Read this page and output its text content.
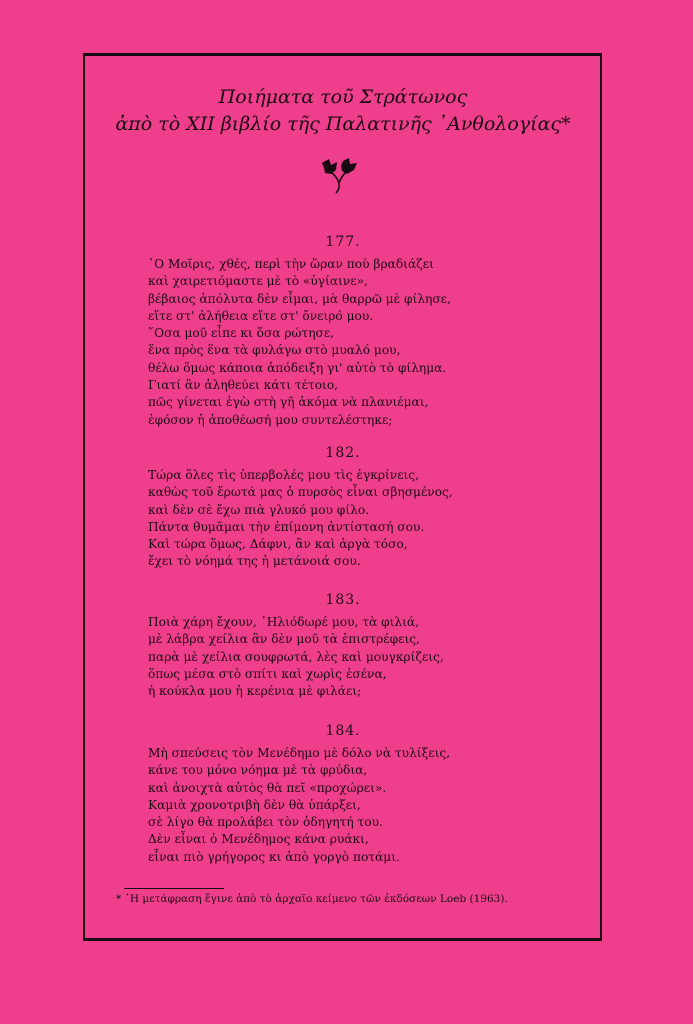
Ποιήματα τοῦ Στράτωνος
ἀπὸ τὸ XII βιβλίο τῆς Παλατινῆς ᾿Ανθολογίας*
177.
῾Ο Μοῖρις, χθές, περὶ τὴν ὥραν ποὺ βραδιάζει
καὶ χαιρετιόμαστε μὲ τὸ «ὑγίαινε»,
βέβαιος ἀπόλυτα δὲν εἶμαι, μὰ θαρρῶ μὲ φίλησε,
εἴτε στ' ἀλήθεια εἴτε στ' ὄνειρό μου.
῞Οσα μοῦ εἶπε κι ὅσα ρώτησε,
ἕνα πρὸς ἕνα τὰ φυλάγω στὸ μυαλό μου,
θέλω ὅμως κάποια ἀπόδειξη γι' αὐτὸ τὸ φίλημα.
Γιατί ἂν ἀληθεύει κάτι τέτοιο,
πῶς γίνεται ἐγὼ στὴ γῆ ἀκόμα νὰ πλανιέμαι,
ἐφόσον ἡ ἀποθέωσή μου συντελέστηκε;
182.
Τώρα ὅλες τὶς ὑπερβολές μου τὶς ἐγκρίνεις,
καθὼς τοῦ ἔρωτά μας ὁ πυρσὸς εἶναι σβησμένος,
καὶ δὲν σὲ ἔχω πιὰ γλυκό μου φίλο.
Πάντα θυμᾶμαι τὴν ἐπίμονη ἀντίστασή σου.
Καὶ τώρα ὅμως, Δάφνι, ἂν καὶ ἀργὰ τόσο,
ἔχει τὸ νόημά της ἡ μετάνοιά σου.
183.
Ποιὰ χάρη ἔχουν, ῾Ηλιόδωρέ μου, τὰ φιλιά,
μὲ λάβρα χείλια ἂν δὲν μοῦ τὰ ἐπιστρέφεις,
παρὰ μὲ χείλια σουφρωτά, λὲς καὶ μουγκρίζεις,
ὅπως μέσα στὸ σπίτι καὶ χωρὶς ἐσένα,
ἡ κούκλα μου ἡ κερένια μὲ φιλάει;
184.
Μὴ σπεύσεις τὸν Μενέδημο μὲ δόλο νὰ τυλίξεις,
κάνε του μόνο νόημα μὲ τὰ φρύδια,
καὶ ἀνοιχτὰ αὐτὸς θὰ πεῖ «προχώρει».
Καμιὰ χρονοτριβὴ δὲν θὰ ὑπάρξει,
σὲ λίγο θὰ προλάβει τὸν ὁδηγητή του.
Δὲν εἶναι ὁ Μενέδημος κάνα ρυάκι,
εἶναι πιὸ γρήγορος κι ἀπὸ γοργὸ ποτάμι.
* ῾Η μετάφραση ἔγινε ἀπὸ τὸ ἀρχαῖο κείμενο τῶν ἐκδόσεων Loeb (1963).
